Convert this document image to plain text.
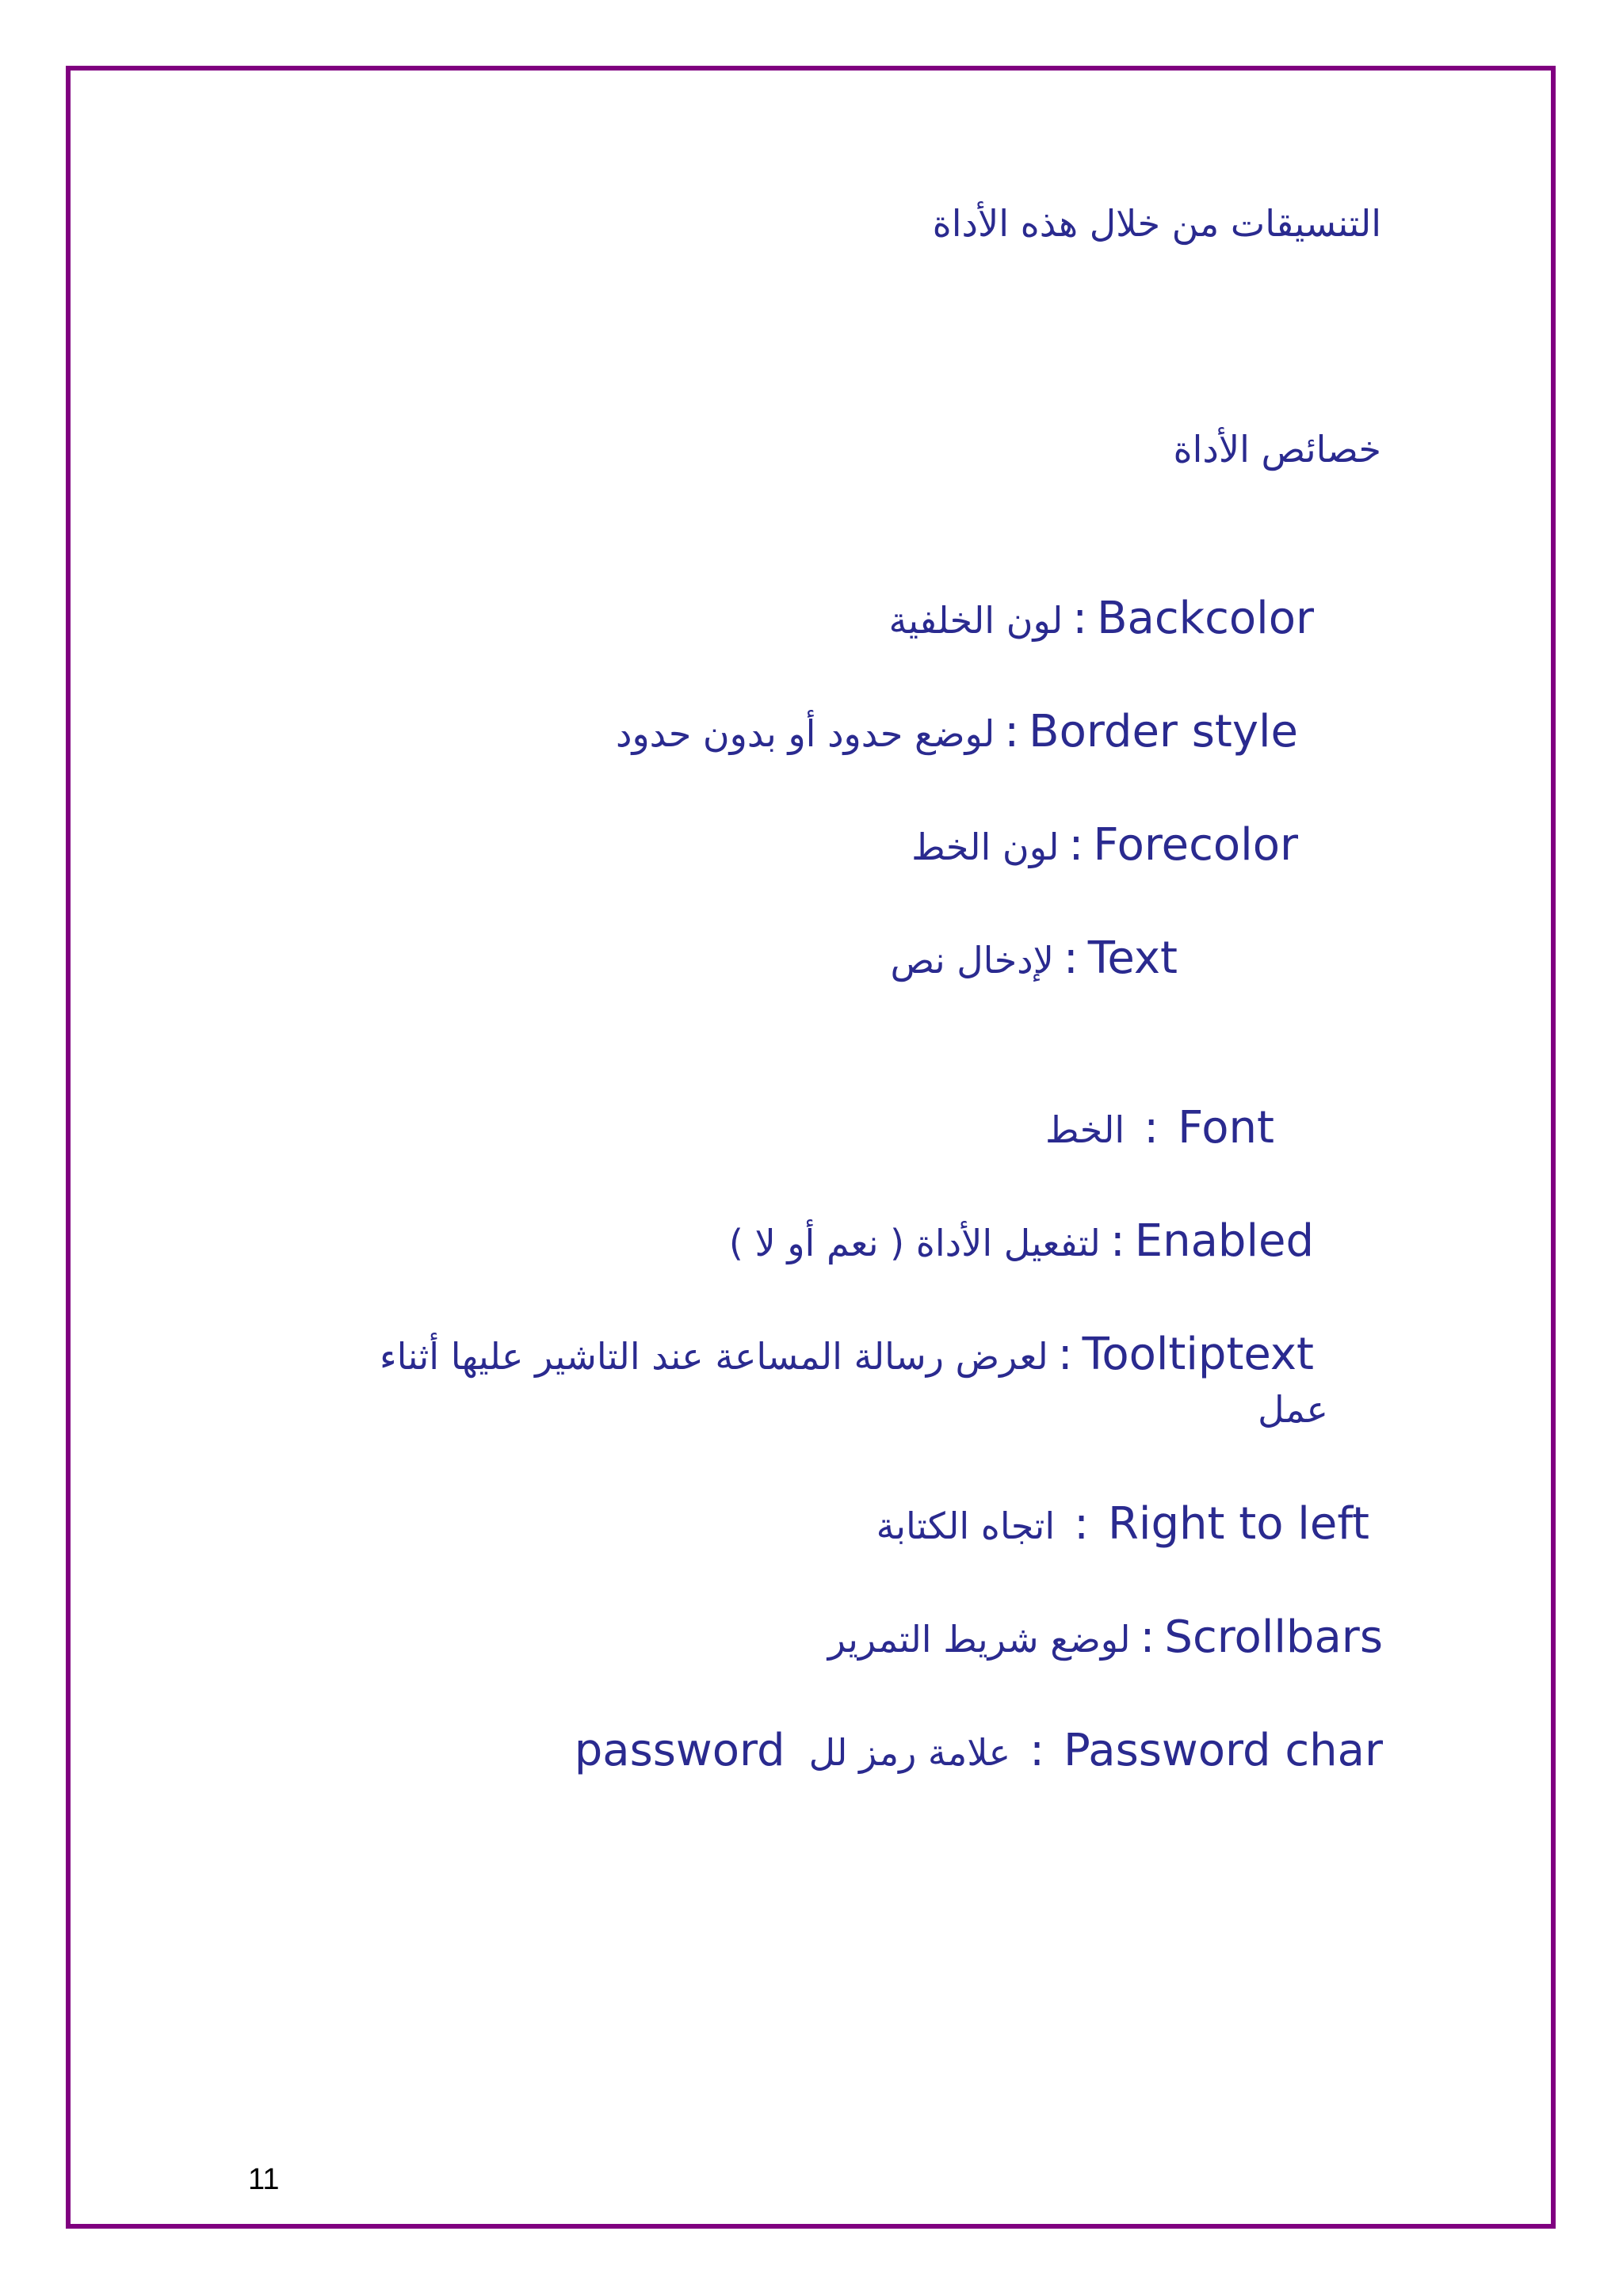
التنسيقات من خلال هذه الأداة
خصائص الأداة
لون الخلفية : Backcolor
لوضع حدود أو بدون حدود : Border style
لون الخط : Forecolor
لإدخال نص : Text
الخط : Font
لتفعيل الأداة ( نعم أو لا ) : Enabled
لعرض رسالة المساعة عند التاشير عليها أثناء : Tooltiptext
عمل
اتجاه الكتابة : Right to left
لوضع شريط التمرير : Scrollbars
password علامة رمز لل : Password char
11
